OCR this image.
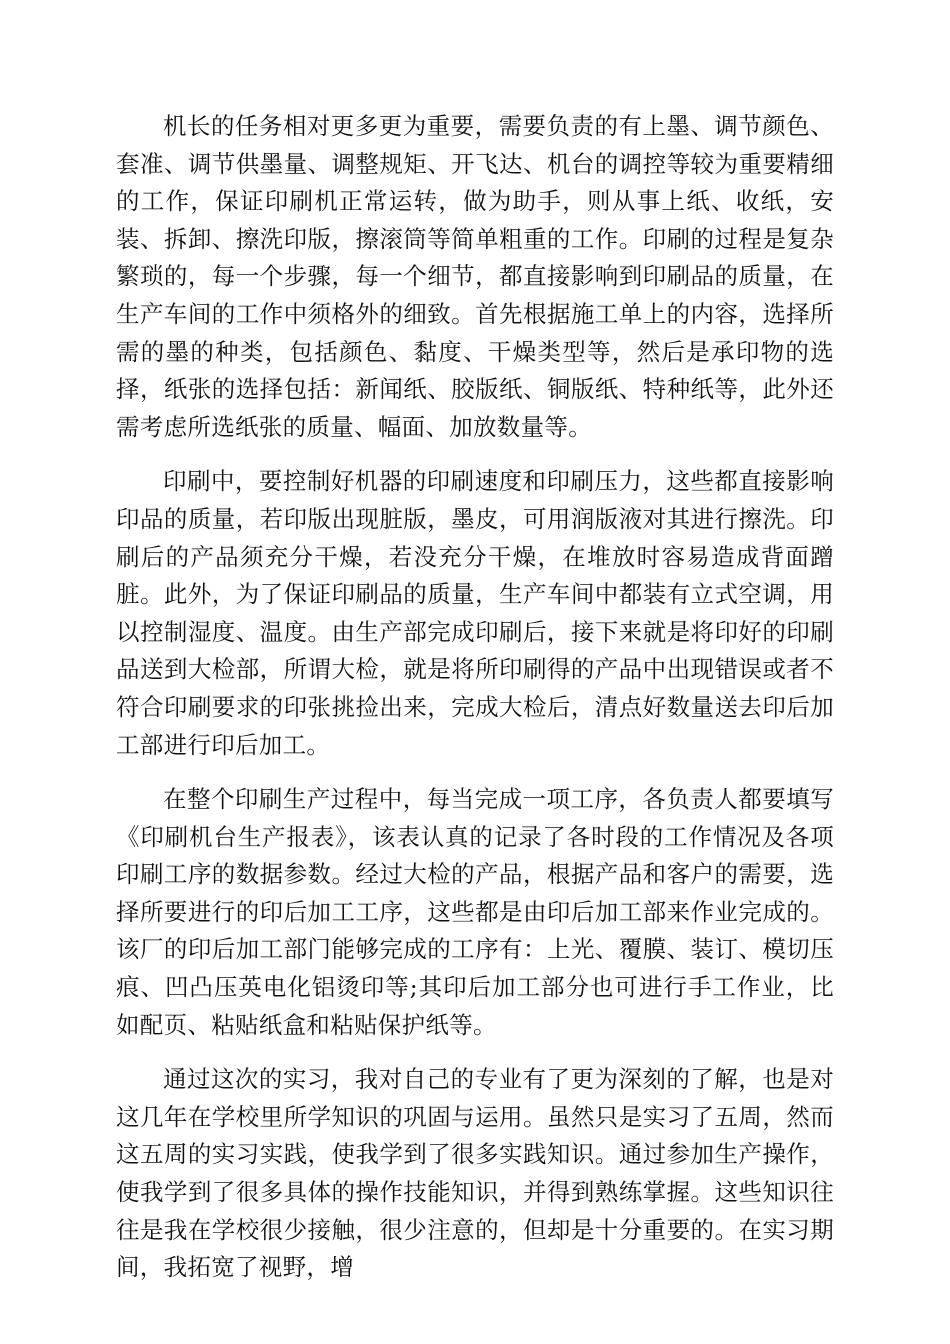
机长的任务相对更多更为重要，需要负责的有上墨、调节颜色、套准、调节供墨量、调整规矩、开飞达、机台的调控等较为重要精细的工作，保证印刷机正常运转，做为助手，则从事上纸、收纸，安装、拆卸、擦洗印版，擦滚筒等简单粗重的工作。印刷的过程是复杂繁琐的，每一个步骤，每一个细节，都直接影响到印刷品的质量，在生产车间的工作中须格外的细致。首先根据施工单上的内容，选择所需的墨的种类，包括颜色、黏度、干燥类型等，然后是承印物的选择，纸张的选择包括：新闻纸、胶版纸、铜版纸、特种纸等，此外还需考虑所选纸张的质量、幅面、加放数量等。

印刷中，要控制好机器的印刷速度和印刷压力，这些都直接影响印品的质量，若印版出现脏版，墨皮，可用润版液对其进行擦洗。印刷后的产品须充分干燥，若没充分干燥，在堆放时容易造成背面蹭脏。此外，为了保证印刷品的质量，生产车间中都装有立式空调，用以控制湿度、温度。由生产部完成印刷后，接下来就是将印好的印刷品送到大检部，所谓大检，就是将所印刷得的产品中出现错误或者不符合印刷要求的印张挑捡出来，完成大检后，清点好数量送去印后加工部进行印后加工。

在整个印刷生产过程中，每当完成一项工序，各负责人都要填写《印刷机台生产报表》，该表认真的记录了各时段的工作情况及各项印刷工序的数据参数。经过大检的产品，根据产品和客户的需要，选择所要进行的印后加工工序，这些都是由印后加工部来作业完成的。该厂的印后加工部门能够完成的工序有：上光、覆膜、装订、模切压痕、凹凸压英电化铝烫印等;其印后加工部分也可进行手工作业，比如配页、粘贴纸盒和粘贴保护纸等。

通过这次的实习，我对自己的专业有了更为深刻的了解，也是对这几年在学校里所学知识的巩固与运用。虽然只是实习了五周，然而这五周的实习实践，使我学到了很多实践知识。通过参加生产操作，使我学到了很多具体的操作技能知识，并得到熟练掌握。这些知识往往是我在学校很少接触，很少注意的，但却是十分重要的。在实习期间，我拓宽了视野，增
